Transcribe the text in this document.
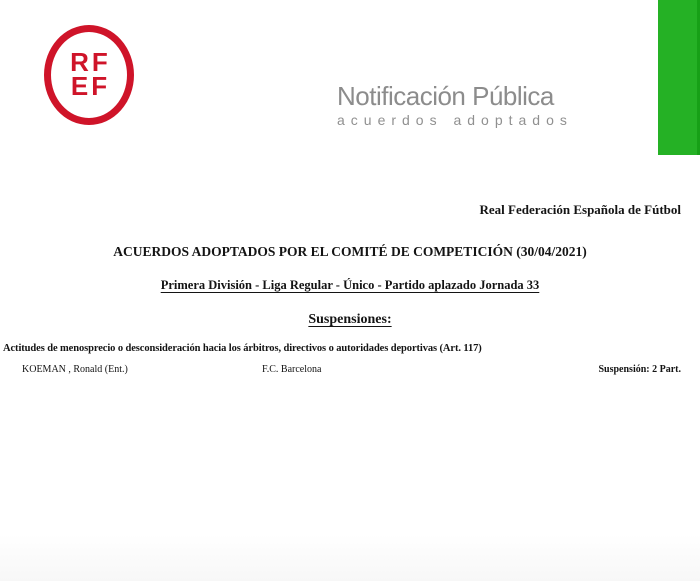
RF
EF	Notificación Pública
acuerdos adoptados
Real Federación Española de Fútbol
ACUERDOS ADOPTADOS POR EL COMITÉ DE COMPETICIÓN (30/04/2021)
Primera División - Liga Regular - Único - Partido aplazado Jornada 33
Suspensiones:
Actitudes de menosprecio o desconsideración hacia los árbitros, directivos o autoridades deportivas (Art. 117)
KOEMAN , Ronald (Ent.)	F.C. Barcelona	Suspensión: 2 Part.
